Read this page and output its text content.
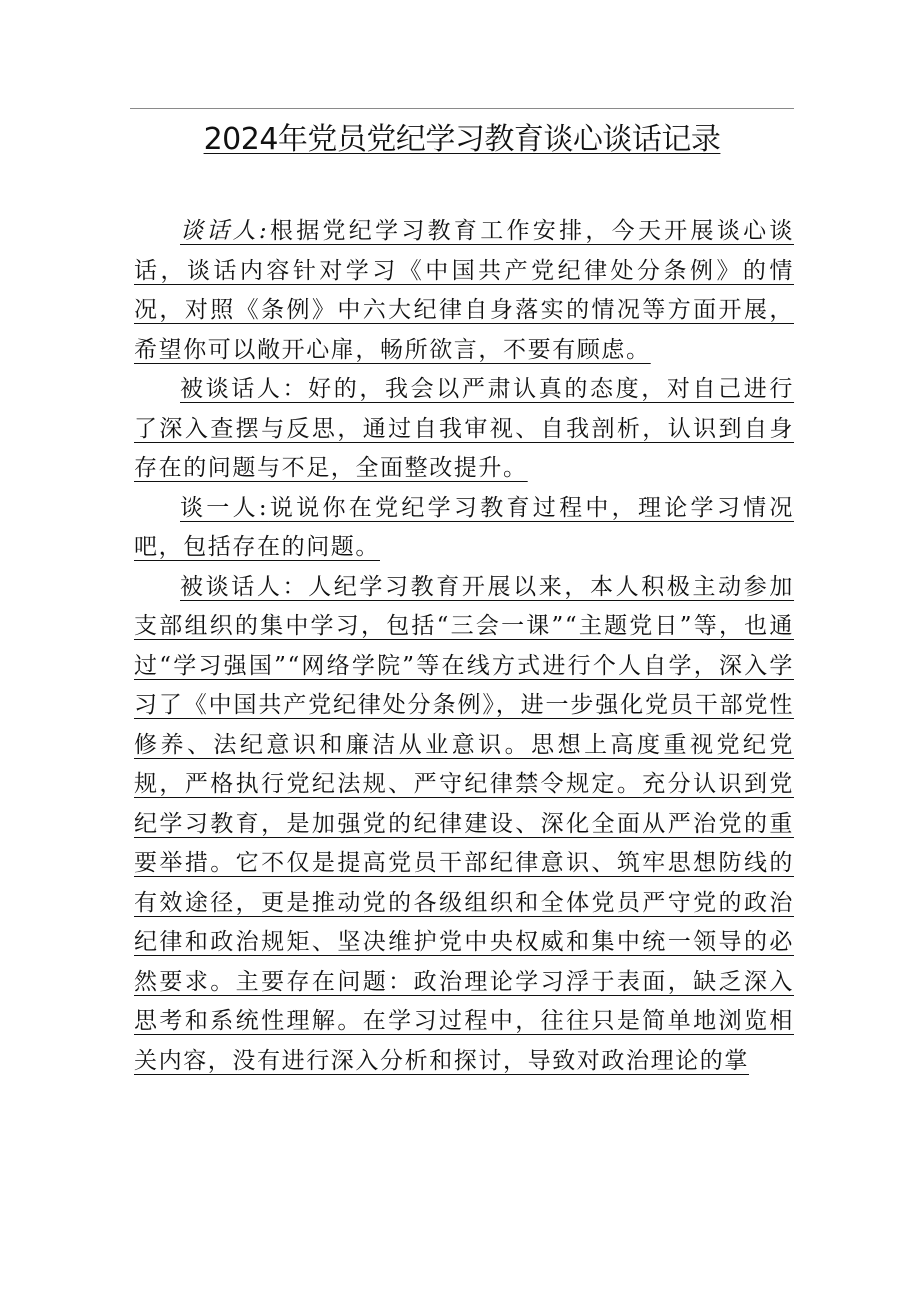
2024年党员党纪学习教育谈心谈话记录

谈话人:根据党纪学习教育工作安排，今天开展谈心谈话，谈话内容针对学习《中国共产党纪律处分条例》的情况，对照《条例》中六大纪律自身落实的情况等方面开展，希望你可以敞开心扉，畅所欲言，不要有顾虑。

被谈话人：好的，我会以严肃认真的态度，对自己进行了深入查摆与反思，通过自我审视、自我剖析，认识到自身存在的问题与不足，全面整改提升。

谈一人:说说你在党纪学习教育过程中，理论学习情况吧，包括存在的问题。

被谈话人：人纪学习教育开展以来，本人积极主动参加支部组织的集中学习，包括“三会一课”“主题党日”等，也通过“学习强国”“网络学院”等在线方式进行个人自学，深入学习了《中国共产党纪律处分条例》，进一步强化党员干部党性修养、法纪意识和廉洁从业意识。思想上高度重视党纪党规，严格执行党纪法规、严守纪律禁令规定。充分认识到党纪学习教育，是加强党的纪律建设、深化全面从严治党的重要举措。它不仅是提高党员干部纪律意识、筑牢思想防线的有效途径，更是推动党的各级组织和全体党员严守党的政治纪律和政治规矩、坚决维护党中央权威和集中统一领导的必然要求。主要存在问题：政治理论学习浮于表面，缺乏深入思考和系统性理解。在学习过程中，往往只是简单地浏览相关内容，没有进行深入分析和探讨，导致对政治理论的掌
